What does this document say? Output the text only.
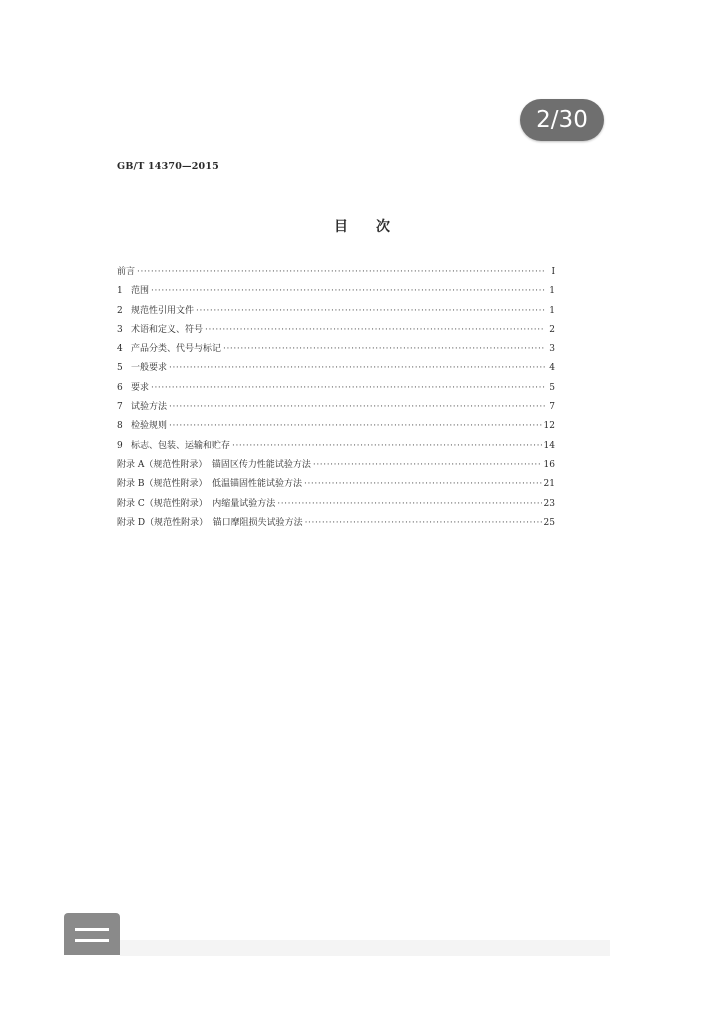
2/30
GB/T 14370—2015
目　　次
前言 ·····	Ⅰ
1 范围 ·····	1
2 规范性引用文件 ·····	1
3 术语和定义、符号 ·····	2
4 产品分类、代号与标记 ·····	3
5 一般要求 ·····	4
6 要求 ·····	5
7 试验方法 ·····	7
8 检验规则 ·····	12
9 标志、包装、运输和贮存 ·····	14
附录 A（规范性附录）　锚固区传力性能试验方法 ·····	16
附录 B（规范性附录）　低温锚固性能试验方法 ·····	21
附录 C（规范性附录）　内缩量试验方法 ·····	23
附录 D（规范性附录）　锚口摩阻损失试验方法 ·····	25
